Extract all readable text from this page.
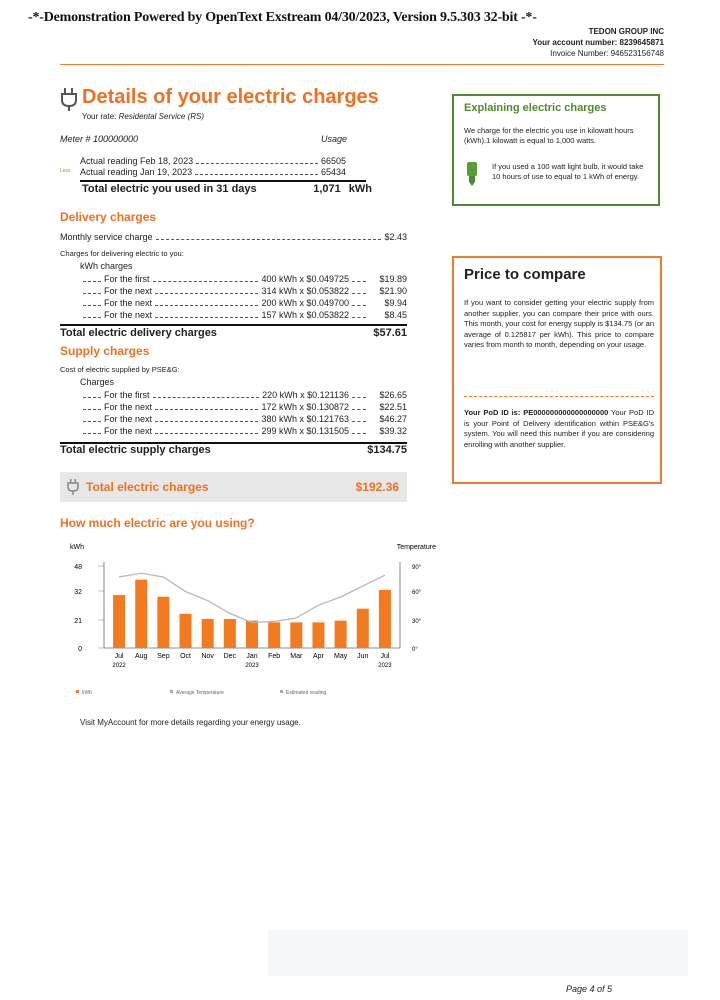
-*-Demonstration Powered by OpenText Exstream 04/30/2023, Version 9.5.303 32-bit -*-
TEDON GROUP INC
Your account number: 8239645871
Invoice Number: 946523156748
Details of your electric charges
Your rate: Residental Service (RS)
Meter # 100000000	Usage
Actual reading Feb 18, 2023	66505
Less Actual reading Jan 19, 2023	65434
Total electric you used in 31 days	1,071 kWh
Delivery charges
Monthly service charge	$2.43
Charges for delivering electric to you:
kWh charges
For the first	400 kWh x $0.049725	$19.89
For the next	314 kWh x $0.053822	$21.90
For the next	200 kWh x $0.049700	$9.94
For the next	157 kWh x $0.053822	$8.45
Total electric delivery charges	$57.61
Supply charges
Cost of electric supplied by PSE&G:
Charges
For the first	220 kWh x $0.121136	$26.65
For the next	172 kWh x $0.130872	$22.51
For the next	380 kWh x $0.121763	$46.27
For the next	299 kWh x $0.131505	$39.32
Total electric supply charges	$134.75
Total electric charges	$192.36
Explaining electric charges
We charge for the electric you use in kilowatt hours (kWh).1 kilowatt is equal to 1,000 watts.
If you used a 100 watt light bulb, it would take 10 hours of use to equal to 1 kWh of energy.
Price to compare
If you want to consider getting your electric supply from another supplier, you can compare their price with ours. This month, your cost for energy supply is $134.75 (or an average of 0.125817 per kWh). This price to compare varies from month to month, depending on your usage.
Your PoD ID is: PE000000000000000000 Your PoD ID is your Point of Delivery identification within PSE&G's system. You will need this number if you are considering enrolling with another supplier.
How much electric are you using?
kWh	Temperature
48	90°
32	60°
21	30°
0	0°
Jul
2022
Aug Sep Oct Nov Dec Jan
2023
Feb Mar Apr May Jun Jul
2023
kWh	Average Temperature	Estimated reading
Visit MyAccount for more details regarding your energy usage.
Page 4 of 5
